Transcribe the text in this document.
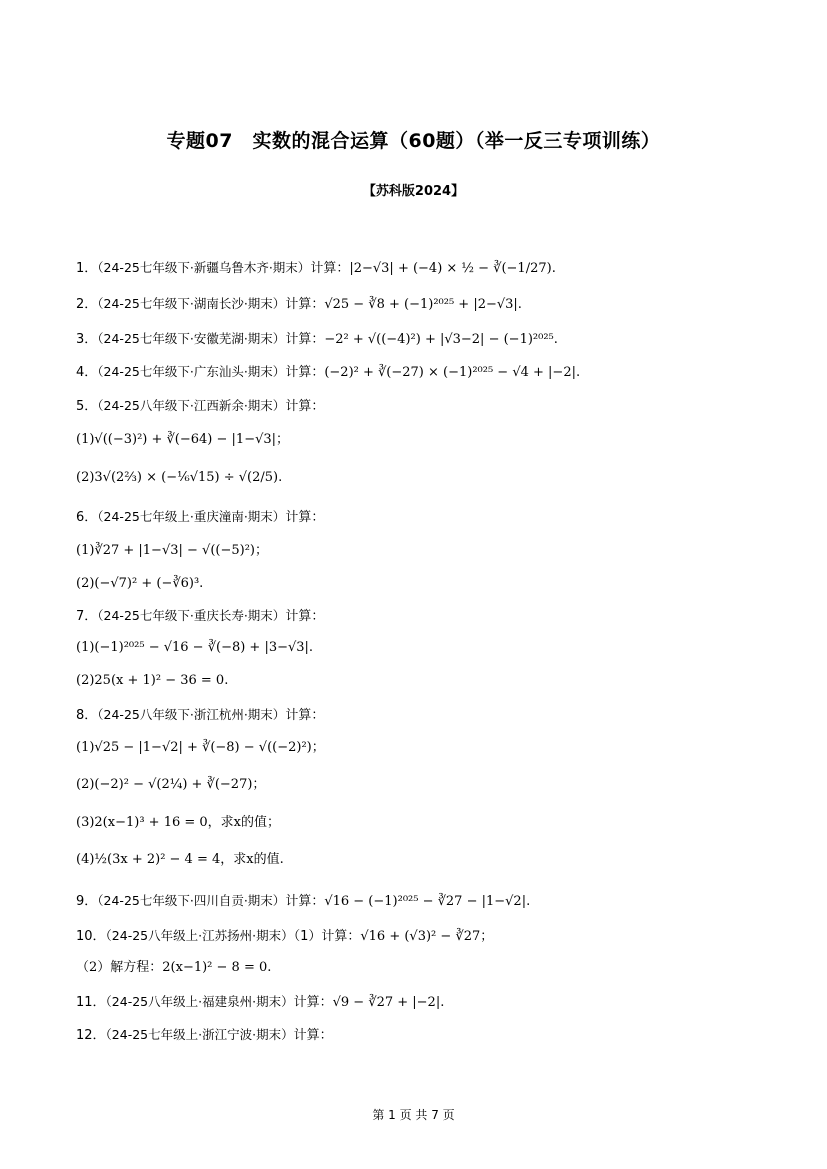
专题07　实数的混合运算（60题）（举一反三专项训练）
【苏科版2024】
1．（24-25七年级下·新疆乌鲁木齐·期末）计算：|2−√3| + (−4) × ½ − ∛(−1/27).
2．（24-25七年级下·湖南长沙·期末）计算：√25 − ∛8 + (−1)²⁰²⁵ + |2−√3|.
3．（24-25七年级下·安徽芜湖·期末）计算：−2² + √((−4)²) + |√3−2| − (−1)²⁰²⁵.
4．（24-25七年级下·广东汕头·期末）计算：(−2)² + ∛(−27) × (−1)²⁰²⁵ − √4 + |−2|.
5．（24-25八年级下·江西新余·期末）计算：
(1)√((−3)²) + ∛(−64) − |1−√3|；
(2)3√(2⅔) × (−⅙√15) ÷ √(2/5).
6．（24-25七年级上·重庆潼南·期末）计算：
(1)∛27 + |1−√3| − √((−5)²)；
(2)(−√7)² + (−∛6)³.
7．（24-25七年级下·重庆长寿·期末）计算：
(1)(−1)²⁰²⁵ − √16 − ∛(−8) + |3−√3|.
(2)25(x + 1)² − 36 = 0.
8．（24-25八年级下·浙江杭州·期末）计算：
(1)√25 − |1−√2| + ∛(−8) − √((−2)²)；
(2)(−2)² − √(2¼) + ∛(−27)；
(3)2(x−1)³ + 16 = 0，求x的值；
(4)½(3x + 2)² − 4 = 4，求x的值.
9．（24-25七年级下·四川自贡·期末）计算：√16 − (−1)²⁰²⁵ − ∛27 − |1−√2|.
10．（24-25八年级上·江苏扬州·期末）（1）计算：√16 + (√3)² − ∛27；
（2）解方程：2(x−1)² − 8 = 0.
11．（24-25八年级上·福建泉州·期末）计算：√9 − ∛27 + |−2|.
12．（24-25七年级上·浙江宁波·期末）计算：
第 1 页 共 7 页
